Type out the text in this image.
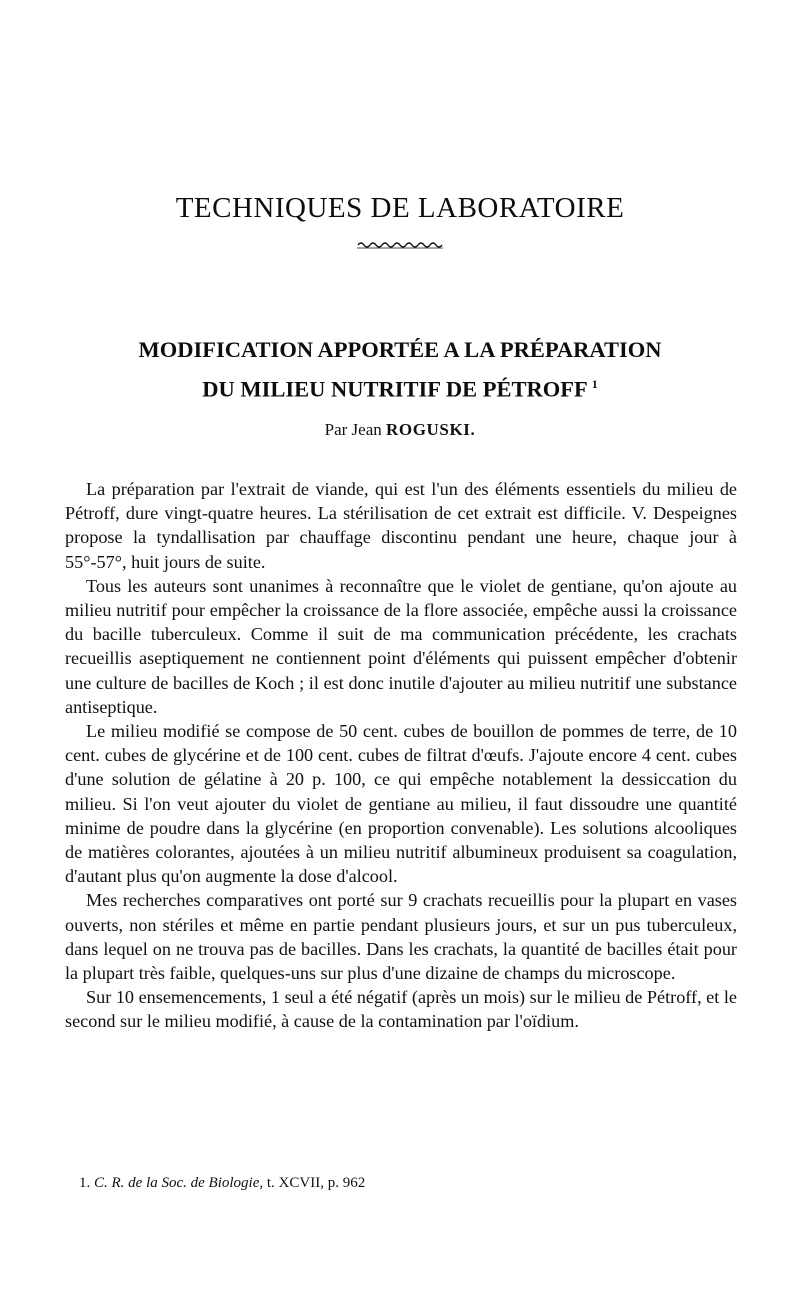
TECHNIQUES DE LABORATOIRE
MODIFICATION APPORTÉE A LA PRÉPARATION
DU MILIEU NUTRITIF DE PÉTROFF $^1$
Par Jean ROGUSKI.

La préparation par l'extrait de viande, qui est l'un des éléments essentiels du milieu de Pétroff, dure vingt-quatre heures. La stérilisation de cet extrait est difficile. V. Despeignes propose la tyndallisation par chauffage discontinu pendant une heure, chaque jour à 55°-57°, huit jours de suite.

Tous les auteurs sont unanimes à reconnaître que le violet de gentiane, qu'on ajoute au milieu nutritif pour empêcher la croissance de la flore associée, empêche aussi la croissance du bacille tuberculeux. Comme il suit de ma communication précédente, les crachats recueillis aseptiquement ne contiennent point d'éléments qui puissent empêcher d'obtenir une culture de bacilles de Koch ; il est donc inutile d'ajouter au milieu nutritif une substance antiseptique.

Le milieu modifié se compose de 50 cent. cubes de bouillon de pommes de terre, de 10 cent. cubes de glycérine et de 100 cent. cubes de filtrat d'œufs. J'ajoute encore 4 cent. cubes d'une solution de gélatine à 20 p. 100, ce qui empêche notablement la dessiccation du milieu. Si l'on veut ajouter du violet de gentiane au milieu, il faut dissoudre une quantité minime de poudre dans la glycérine (en proportion convenable). Les solutions alcooliques de matières colorantes, ajoutées à un milieu nutritif albumineux produisent sa coagulation, d'autant plus qu'on augmente la dose d'alcool.

Mes recherches comparatives ont porté sur 9 crachats recueillis pour la plupart en vases ouverts, non stériles et même en partie pendant plusieurs jours, et sur un pus tuberculeux, dans lequel on ne trouva pas de bacilles. Dans les crachats, la quantité de bacilles était pour la plupart très faible, quelques-uns sur plus d'une dizaine de champs du microscope.

Sur 10 ensemencements, 1 seul a été négatif (après un mois) sur le milieu de Pétroff, et le second sur le milieu modifié, à cause de la contamination par l'oïdium.

1. C. R. de la Soc. de Biologie, t. XCVII, p. 962
